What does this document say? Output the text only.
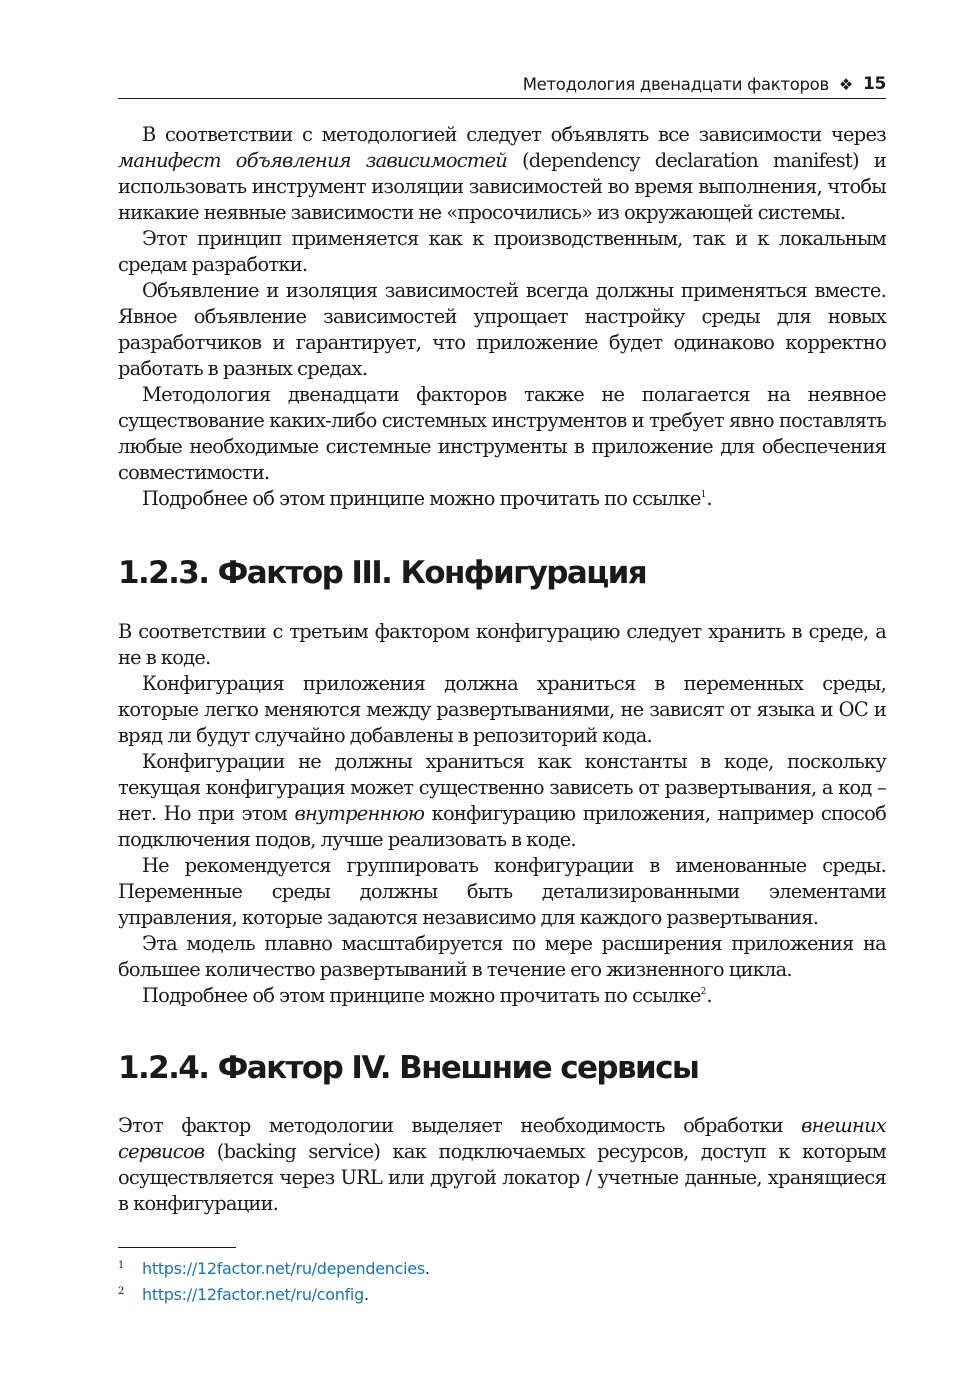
Методология двенадцати факторов ❖ 15

В соответствии с методологией следует объявлять все зависимости через манифест объявления зависимостей (dependency declaration manifest) и использовать инструмент изоляции зависимостей во время выполнения, чтобы никакие неявные зависимости не «просочились» из окружающей системы.

Этот принцип применяется как к производственным, так и к локальным средам разработки.

Объявление и изоляция зависимостей всегда должны применяться вместе. Явное объявление зависимостей упрощает настройку среды для новых разработчиков и гарантирует, что приложение будет одинаково корректно работать в разных средах.

Методология двенадцати факторов также не полагается на неявное существование каких-либо системных инструментов и требует явно поставлять любые необходимые системные инструменты в приложение для обеспечения совместимости.

Подробнее об этом принципе можно прочитать по ссылке$^1$.

1.2.3. Фактор III. Конфигурация

В соответствии с третьим фактором конфигурацию следует хранить в среде, а не в коде.

Конфигурация приложения должна храниться в переменных среды, которые легко меняются между развертываниями, не зависят от языка и ОС и вряд ли будут случайно добавлены в репозиторий кода.

Конфигурации не должны храниться как константы в коде, поскольку текущая конфигурация может существенно зависеть от развертывания, а код – нет. Но при этом внутреннюю конфигурацию приложения, например способ подключения подов, лучше реализовать в коде.

Не рекомендуется группировать конфигурации в именованные среды. Переменные среды должны быть детализированными элементами управления, которые задаются независимо для каждого развертывания.

Эта модель плавно масштабируется по мере расширения приложения на большее количество развертываний в течение его жизненного цикла.

Подробнее об этом принципе можно прочитать по ссылке$^2$.

1.2.4. Фактор IV. Внешние сервисы

Этот фактор методологии выделяет необходимость обработки внешних сервисов (backing service) как подключаемых ресурсов, доступ к которым осуществляется через URL или другой локатор / учетные данные, хранящиеся в конфигурации.

1	https://12factor.net/ru/dependencies .
2	https://12factor.net/ru/config .
